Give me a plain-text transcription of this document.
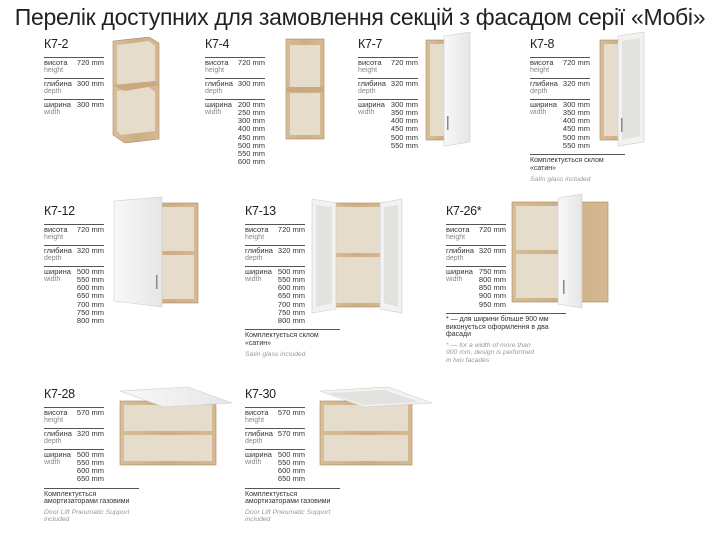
Перелік доступних для замовлення секцій з фасадом серії «Мобі»
К7-2
висота
height
720 mm
глибина
depth
300 mm
ширина
width
300 mm
К7-4
висота
height
720 mm
глибина
depth
300 mm
ширина
width
200 mm
250 mm
300 mm
400 mm
450 mm
500 mm
550 mm
600 mm
К7-7
висота
height
720 mm
глибина
depth
320 mm
ширина
width
300 mm
350 mm
400 mm
450 mm
500 mm
550 mm
К7-8
висота
height
720 mm
глибина
depth
320 mm
ширина
width
300 mm
350 mm
400 mm
450 mm
500 mm
550 mm
Комплектується склом «сатин»
Satin glass included
К7-12
висота
height
720 mm
глибина
depth
320 mm
ширина
width
500 mm
550 mm
600 mm
650 mm
700 mm
750 mm
800 mm
К7-13
висота
height
720 mm
глибина
depth
320 mm
ширина
width
500 mm
550 mm
600 mm
650 mm
700 mm
750 mm
800 mm
Комплектується склом «сатин»
Satin glass included
К7-26*
висота
height
720 mm
глибина
depth
320 mm
ширина
width
750 mm
800 mm
850 mm
900 mm
950 mm
* — для ширини більше 900 мм виконується оформлення в два фасади
* — for a width of more than 900 mm, design is performed in two facades
К7-28
висота
height
570 mm
глибина
depth
320 mm
ширина
width
500 mm
550 mm
600 mm
650 mm
Комплектується амортизаторами газовими
Door Lift Pneumatic Support included
К7-30
висота
height
570 mm
глибина
depth
570 mm
ширина
width
500 mm
550 mm
600 mm
650 mm
Комплектується амортизаторами газовими
Door Lift Pneumatic Support included
